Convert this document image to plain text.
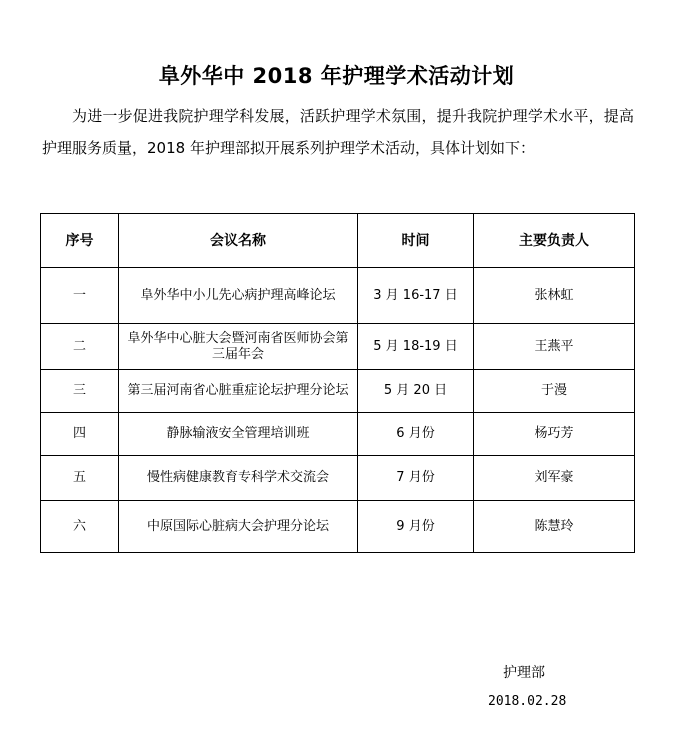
阜外华中 2018 年护理学术活动计划
为进一步促进我院护理学科发展，活跃护理学术氛围，提升我院护理学术水平，提高护理服务质量，2018 年护理部拟开展系列护理学术活动，具体计划如下：
序号	会议名称	时间	主要负责人
一	阜外华中小儿先心病护理高峰论坛	3 月 16-17 日	张林虹
二	阜外华中心脏大会暨河南省医师协会第三届年会	5 月 18-19 日	王燕平
三	第三届河南省心脏重症论坛护理分论坛	5 月 20 日	于漫
四	静脉输液安全管理培训班	6 月份	杨巧芳
五	慢性病健康教育专科学术交流会	7 月份	刘军豪
六	中原国际心脏病大会护理分论坛	9 月份	陈慧玲
护理部
2018.02.28
